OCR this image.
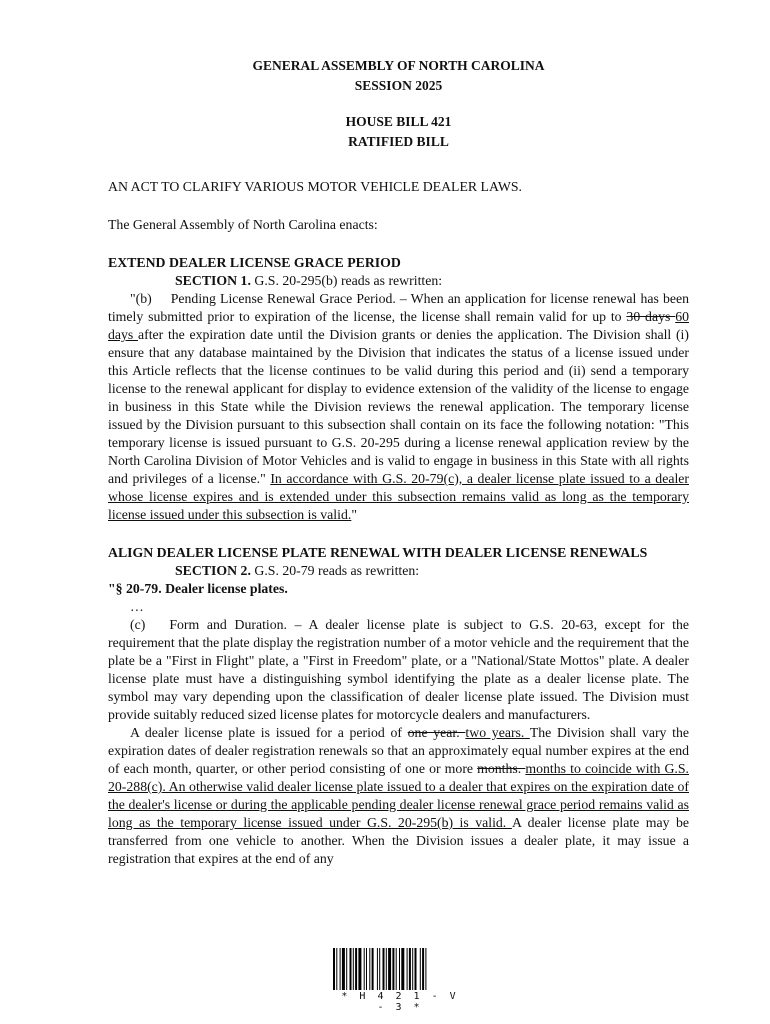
GENERAL ASSEMBLY OF NORTH CAROLINA
SESSION 2025
HOUSE BILL 421
RATIFIED BILL

AN ACT TO CLARIFY VARIOUS MOTOR VEHICLE DEALER LAWS.

The General Assembly of North Carolina enacts:

EXTEND DEALER LICENSE GRACE PERIOD

SECTION 1. G.S. 20-295(b) reads as rewritten:

"(b) Pending License Renewal Grace Period. – When an application for license renewal has been timely submitted prior to expiration of the license, the license shall remain valid for up to 30 days 60 days after the expiration date until the Division grants or denies the application. The Division shall (i) ensure that any database maintained by the Division that indicates the status of a license issued under this Article reflects that the license continues to be valid during this period and (ii) send a temporary license to the renewal applicant for display to evidence extension of the validity of the license to engage in business in this State while the Division reviews the renewal application. The temporary license issued by the Division pursuant to this subsection shall contain on its face the following notation: "This temporary license is issued pursuant to G.S. 20-295 during a license renewal application review by the North Carolina Division of Motor Vehicles and is valid to engage in business in this State with all rights and privileges of a license." In accordance with G.S. 20-79(c), a dealer license plate issued to a dealer whose license expires and is extended under this subsection remains valid as long as the temporary license issued under this subsection is valid."

ALIGN DEALER LICENSE PLATE RENEWAL WITH DEALER LICENSE RENEWALS

SECTION 2. G.S. 20-79 reads as rewritten:

"§ 20-79. Dealer license plates.

…

(c) Form and Duration. – A dealer license plate is subject to G.S. 20-63, except for the requirement that the plate display the registration number of a motor vehicle and the requirement that the plate be a "First in Flight" plate, a "First in Freedom" plate, or a "National/State Mottos" plate. A dealer license plate must have a distinguishing symbol identifying the plate as a dealer license plate. The symbol may vary depending upon the classification of dealer license plate issued. The Division must provide suitably reduced sized license plates for motorcycle dealers and manufacturers.

A dealer license plate is issued for a period of one year. two years. The Division shall vary the expiration dates of dealer registration renewals so that an approximately equal number expires at the end of each month, quarter, or other period consisting of one or more months. months to coincide with G.S. 20-288(c). An otherwise valid dealer license plate issued to a dealer that expires on the expiration date of the dealer's license or during the applicable pending dealer license renewal grace period remains valid as long as the temporary license issued under G.S. 20-295(b) is valid. A dealer license plate may be transferred from one vehicle to another. When the Division issues a dealer plate, it may issue a registration that expires at the end of any

* H 4 2 1 - V - 3 *
